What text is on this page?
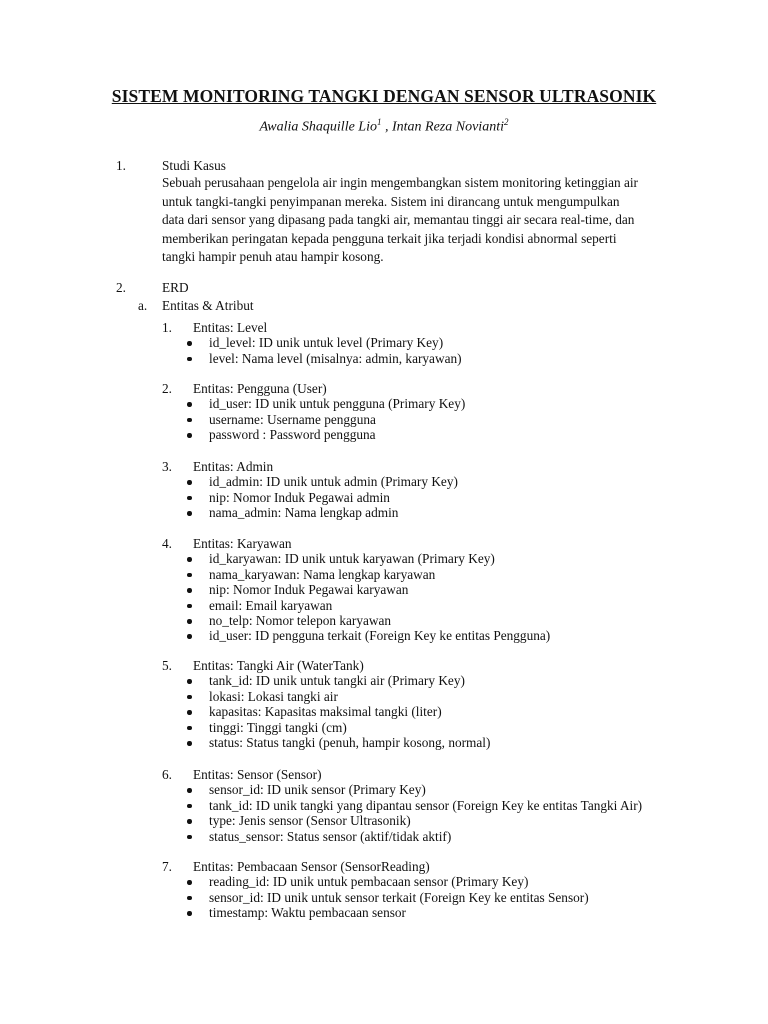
SISTEM MONITORING TANGKI DENGAN SENSOR ULTRASONIK
Awalia Shaquille Lio$^1$ , Intan Reza Novianti$^2$
1.	Studi Kasus
Sebuah perusahaan pengelola air ingin mengembangkan sistem monitoring ketinggian air
untuk tangki-tangki penyimpanan mereka. Sistem ini dirancang untuk mengumpulkan
data dari sensor yang dipasang pada tangki air, memantau tinggi air secara real-time, dan
memberikan peringatan kepada pengguna terkait jika terjadi kondisi abnormal seperti
tangki hampir penuh atau hampir kosong.
2.	ERD
a. Entitas & Atribut
1. Entitas: Level
id_level: ID unik untuk level (Primary Key)
level: Nama level (misalnya: admin, karyawan)
2. Entitas: Pengguna (User)
id_user: ID unik untuk pengguna (Primary Key)
username: Username pengguna
password : Password pengguna
3. Entitas: Admin
id_admin: ID unik untuk admin (Primary Key)
nip: Nomor Induk Pegawai admin
nama_admin: Nama lengkap admin
4. Entitas: Karyawan
id_karyawan: ID unik untuk karyawan (Primary Key)
nama_karyawan: Nama lengkap karyawan
nip: Nomor Induk Pegawai karyawan
email: Email karyawan
no_telp: Nomor telepon karyawan
id_user: ID pengguna terkait (Foreign Key ke entitas Pengguna)
5. Entitas: Tangki Air (WaterTank)
tank_id: ID unik untuk tangki air (Primary Key)
lokasi: Lokasi tangki air
kapasitas: Kapasitas maksimal tangki (liter)
tinggi: Tinggi tangki (cm)
status: Status tangki (penuh, hampir kosong, normal)
6. Entitas: Sensor (Sensor)
sensor_id: ID unik sensor (Primary Key)
tank_id: ID unik tangki yang dipantau sensor (Foreign Key ke entitas Tangki Air)
type: Jenis sensor (Sensor Ultrasonik)
status_sensor: Status sensor (aktif/tidak aktif)
7. Entitas: Pembacaan Sensor (SensorReading)
reading_id: ID unik untuk pembacaan sensor (Primary Key)
sensor_id: ID unik untuk sensor terkait (Foreign Key ke entitas Sensor)
timestamp: Waktu pembacaan sensor
